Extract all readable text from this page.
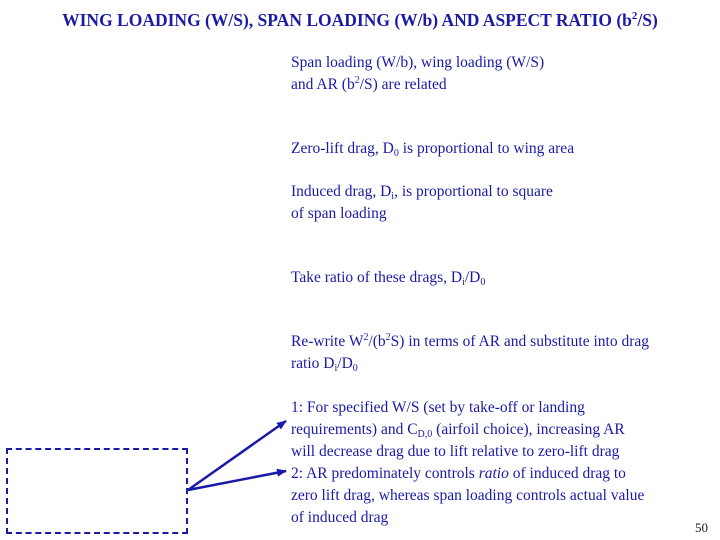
WING LOADING (W/S), SPAN LOADING (W/b) AND ASPECT RATIO $(b^2/S)$
Span loading (W/b), wing loading (W/S)
and AR $(b^2/S)$ are related
Zero-lift drag, $D_0$ is proportional to wing area
Induced drag, $D_i$, is proportional to square
of span loading
Take ratio of these drags, $D_i/D_0$
Re-write $W^2/(b^2S)$ in terms of AR and substitute into drag
ratio $D_i/D_0$
1: For specified W/S (set by take-off or landing
requirements) and $C_{D,0}$ (airfoil choice), increasing AR
will decrease drag due to lift relative to zero-lift drag
2: AR predominately controls ratio of induced drag to
zero lift drag, whereas span loading controls actual value
of induced drag
50
